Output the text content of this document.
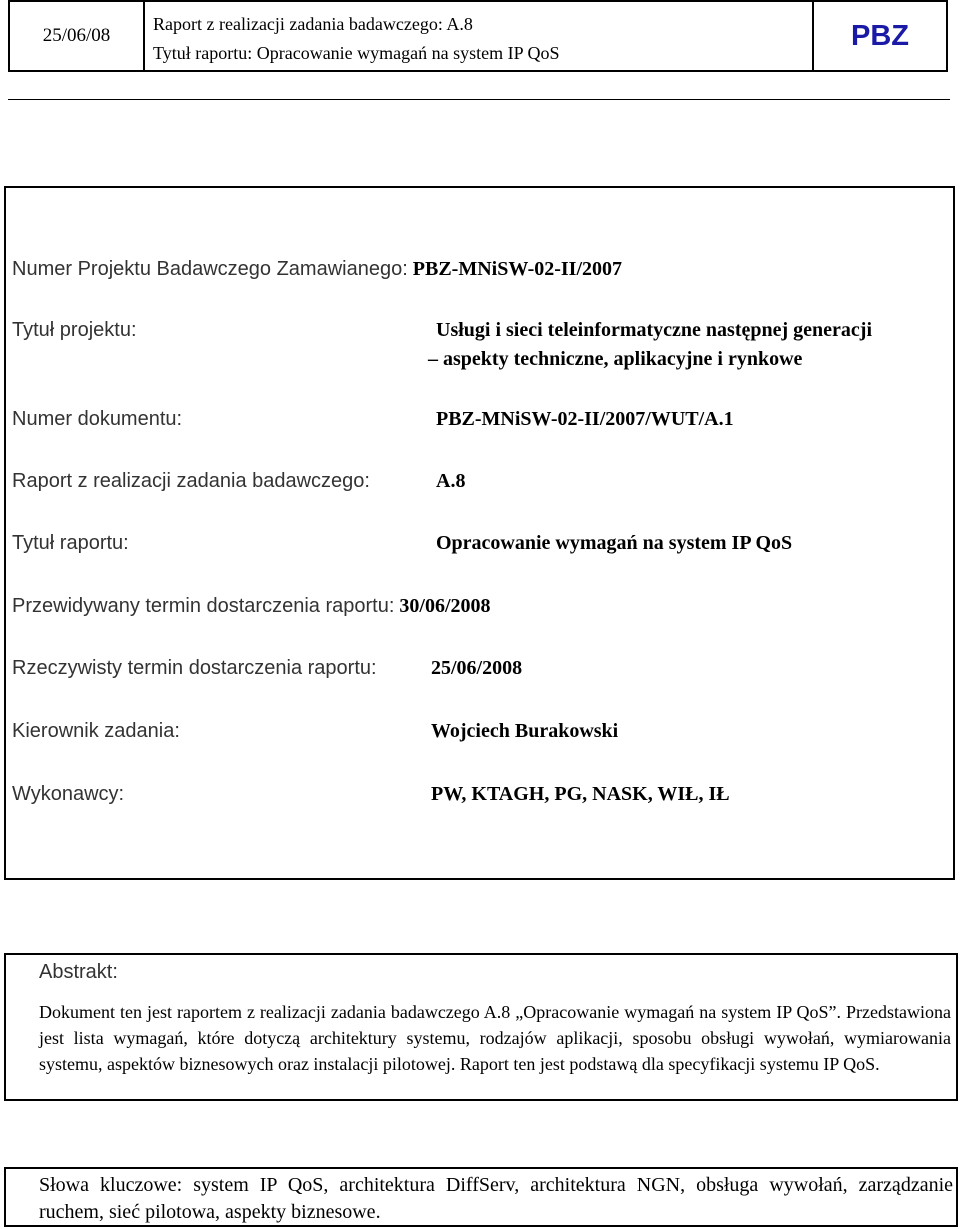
25/06/08
Raport z realizacji zadania badawczego: A.8
Tytuł raportu: Opracowanie wymagań na system IP QoS
PBZ
Numer Projektu Badawczego Zamawianego: PBZ-MNiSW-02-II/2007
Tytuł projektu:	Usługi i sieci teleinformatyczne następnej generacji
– aspekty techniczne, aplikacyjne i rynkowe
Numer dokumentu:	PBZ-MNiSW-02-II/2007/WUT/A.1
Raport z realizacji zadania badawczego:	A.8
Tytuł raportu:	Opracowanie wymagań na system IP QoS
Przewidywany termin dostarczenia raportu: 30/06/2008
Rzeczywisty termin dostarczenia raportu:	25/06/2008
Kierownik zadania:	Wojciech Burakowski
Wykonawcy:	PW, KTAGH, PG, NASK, WIŁ, IŁ
Abstrakt:
Dokument ten jest raportem z realizacji zadania badawczego A.8 „Opracowanie wymagań na system IP QoS”. Przedstawiona jest lista wymagań, które dotyczą architektury systemu, rodzajów aplikacji, sposobu obsługi wywołań, wymiarowania systemu, aspektów biznesowych oraz instalacji pilotowej. Raport ten jest podstawą dla specyfikacji systemu IP QoS.
Słowa kluczowe: system IP QoS, architektura DiffServ, architektura NGN, obsługa wywołań, zarządzanie ruchem, sieć pilotowa, aspekty biznesowe.
